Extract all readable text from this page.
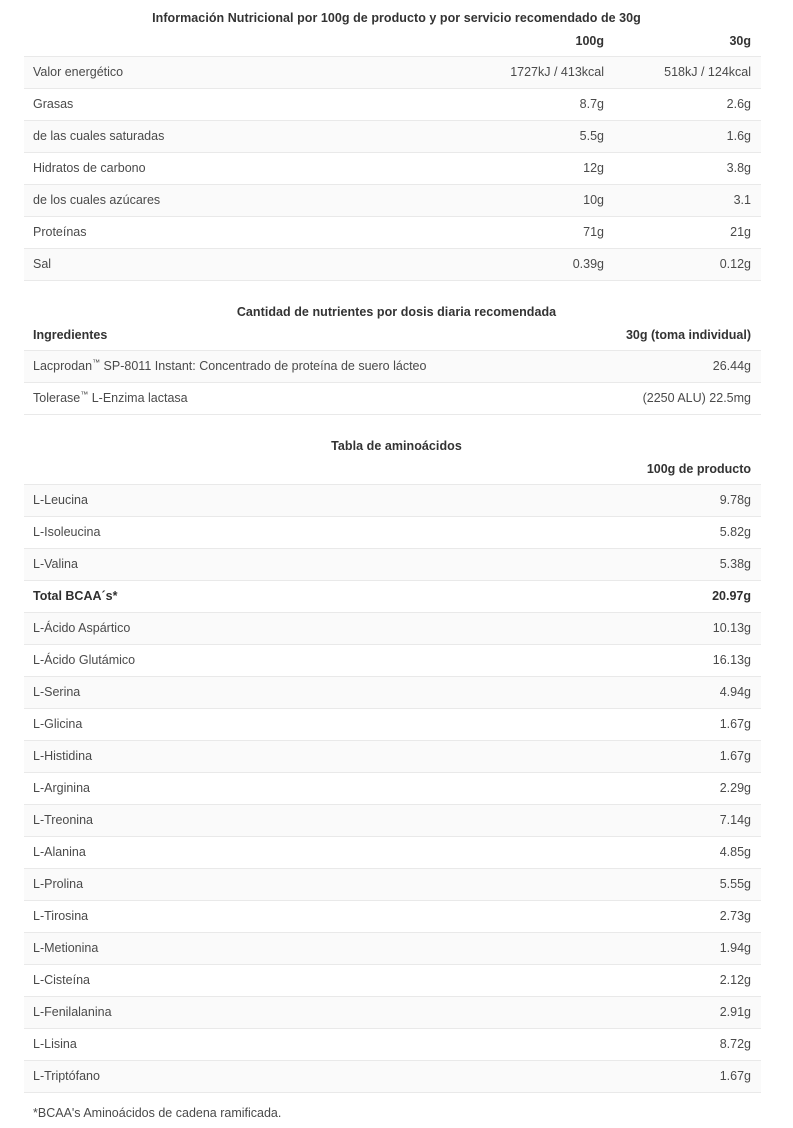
Información Nutricional por 100g de producto y por servicio recomendado de 30g
	100g	30g
Valor energético	1727kJ / 413kcal	518kJ / 124kcal
Grasas	8.7g	2.6g
de las cuales saturadas	5.5g	1.6g
Hidratos de carbono	12g	3.8g
de los cuales azúcares	10g	3.1
Proteínas	71g	21g
Sal	0.39g	0.12g
Cantidad de nutrientes por dosis diaria recomendada
Ingredientes	30g (toma individual)
Lacprodan™ SP-8011 Instant: Concentrado de proteína de suero lácteo	26.44g
Tolerase™ L-Enzima lactasa	(2250 ALU) 22.5mg
Tabla de aminoácidos
	100g de producto
L-Leucina	9.78g
L-Isoleucina	5.82g
L-Valina	5.38g
Total BCAA´s*	20.97g
L-Ácido Aspártico	10.13g
L-Ácido Glutámico	16.13g
L-Serina	4.94g
L-Glicina	1.67g
L-Histidina	1.67g
L-Arginina	2.29g
L-Treonina	7.14g
L-Alanina	4.85g
L-Prolina	5.55g
L-Tirosina	2.73g
L-Metionina	1.94g
L-Cisteína	2.12g
L-Fenilalanina	2.91g
L-Lisina	8.72g
L-Triptófano	1.67g
*BCAA's Aminoácidos de cadena ramificada.
